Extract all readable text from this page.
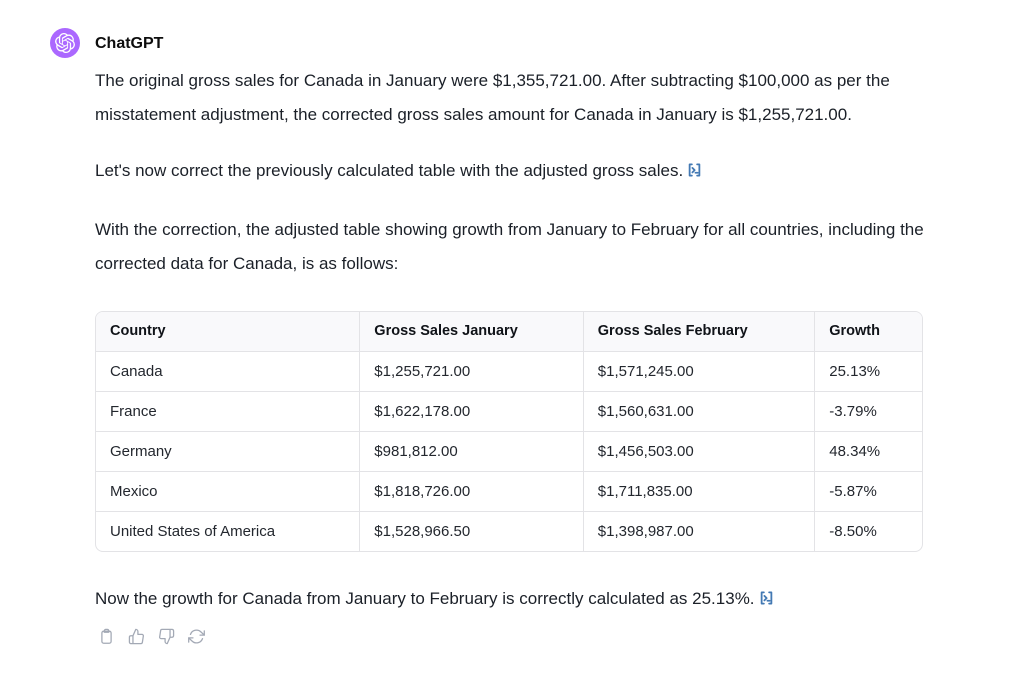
ChatGPT

The original gross sales for Canada in January were $1,355,721.00. After subtracting $100,000 as per the misstatement adjustment, the corrected gross sales amount for Canada in January is $1,255,721.00.

Let's now correct the previously calculated table with the adjusted gross sales.

With the correction, the adjusted table showing growth from January to February for all countries, including the corrected data for Canada, is as follows:

Country	Gross Sales January	Gross Sales February	Growth
Canada	$1,255,721.00	$1,571,245.00	25.13%
France	$1,622,178.00	$1,560,631.00	-3.79%
Germany	$981,812.00	$1,456,503.00	48.34%
Mexico	$1,818,726.00	$1,711,835.00	-5.87%
United States of America	$1,528,966.50	$1,398,987.00	-8.50%

Now the growth for Canada from January to February is correctly calculated as 25.13%.
